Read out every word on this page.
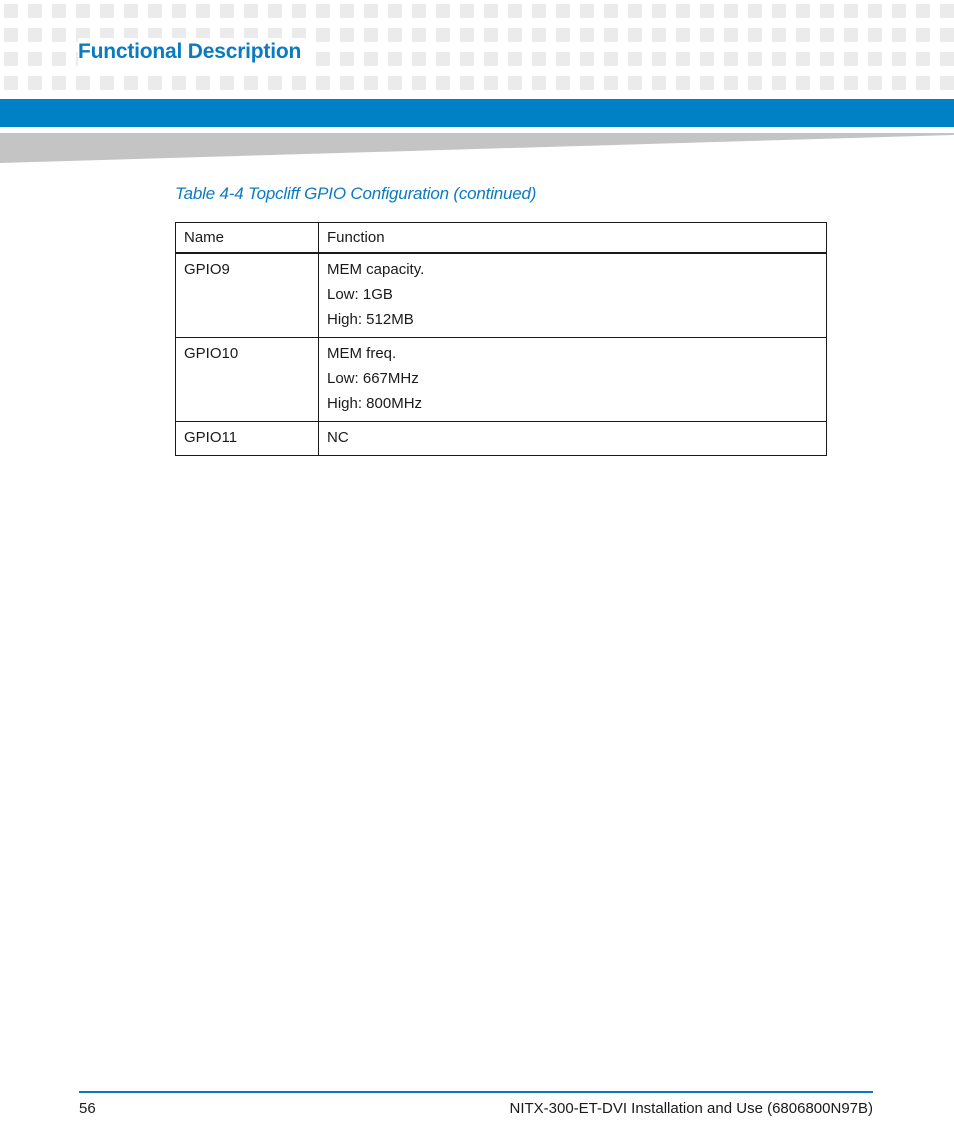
Functional Description
Table 4-4 Topcliff GPIO Configuration (continued)
Name	Function

GPIO9	MEM capacity.
Low: 1GB
High: 512MB

GPIO10	MEM freq.
Low: 667MHz
High: 800MHz

GPIO11	NC
56	NITX-300-ET-DVI Installation and Use (6806800N97B)
